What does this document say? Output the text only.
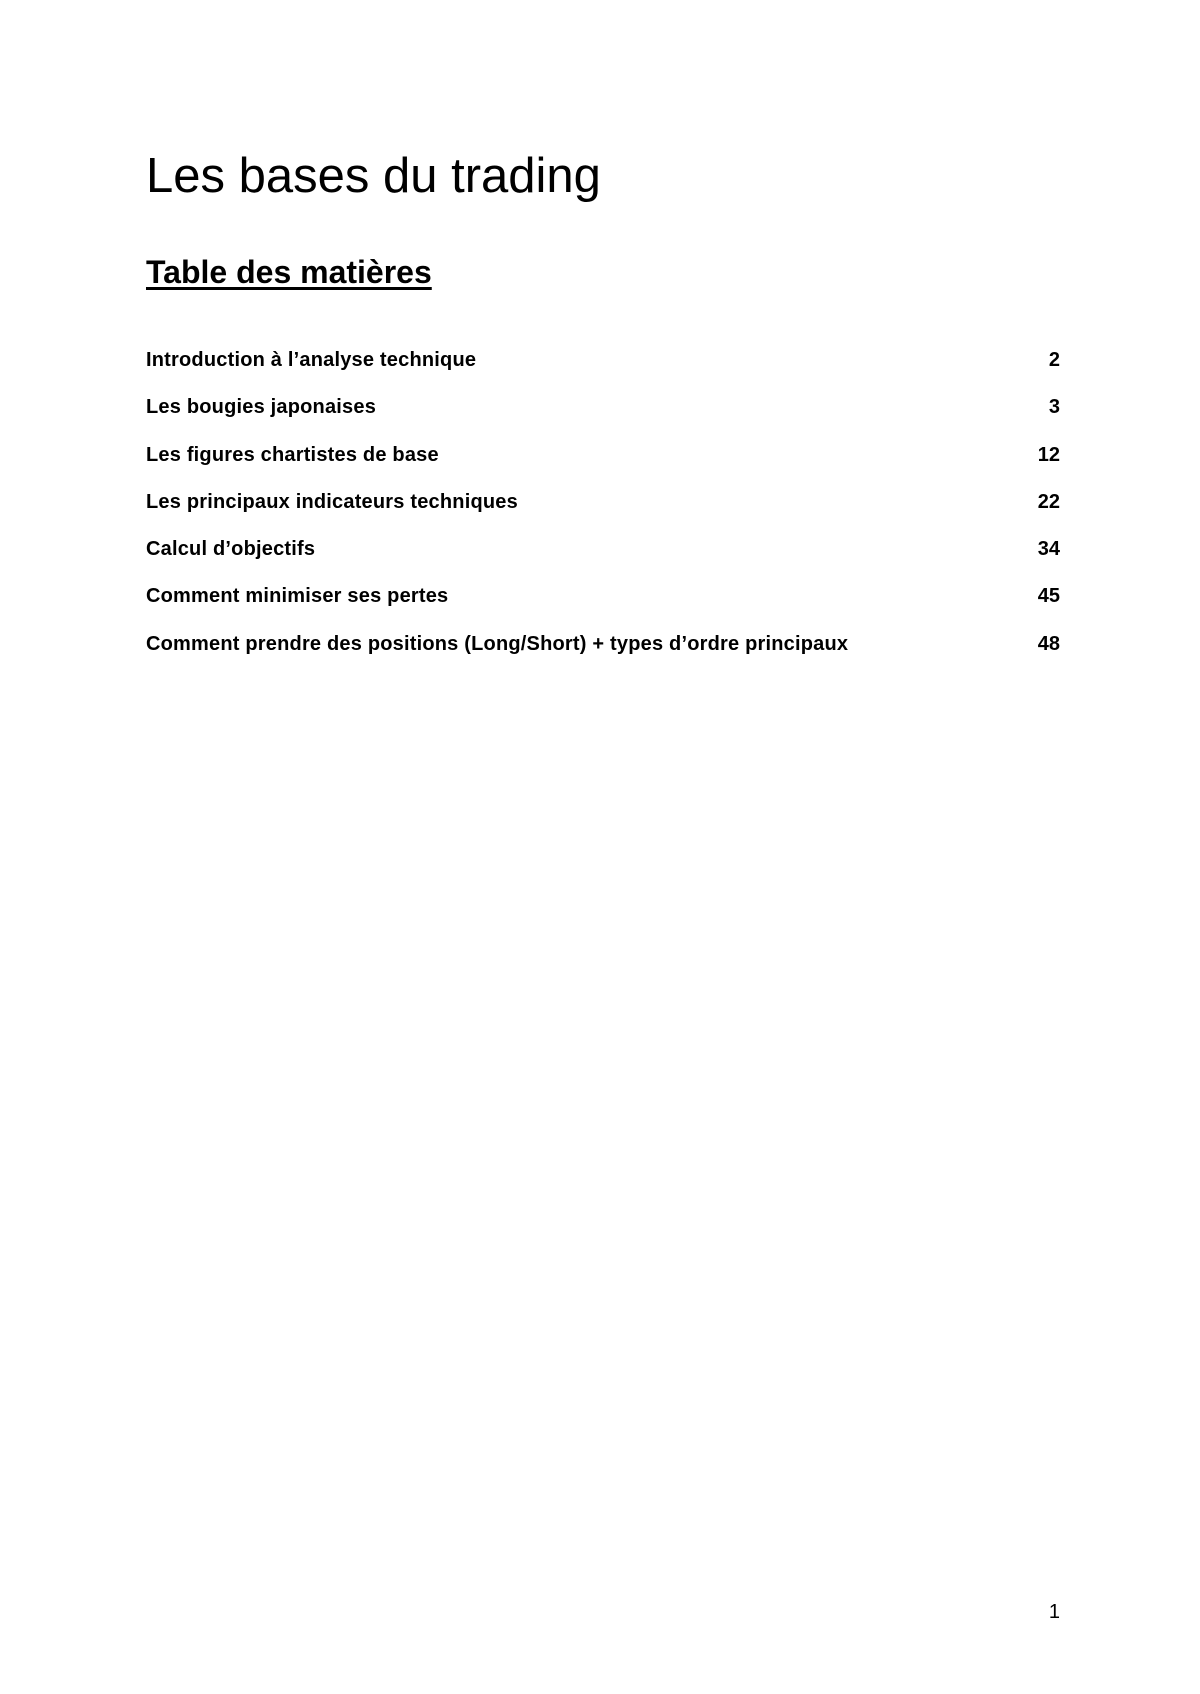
Les bases du trading
Table des matières
Introduction à l’analyse technique	2
Les bougies japonaises	3
Les figures chartistes de base	12
Les principaux indicateurs techniques	22
Calcul d’objectifs	34
Comment minimiser ses pertes	45
Comment prendre des positions (Long/Short) + types d’ordre principaux	48
1
